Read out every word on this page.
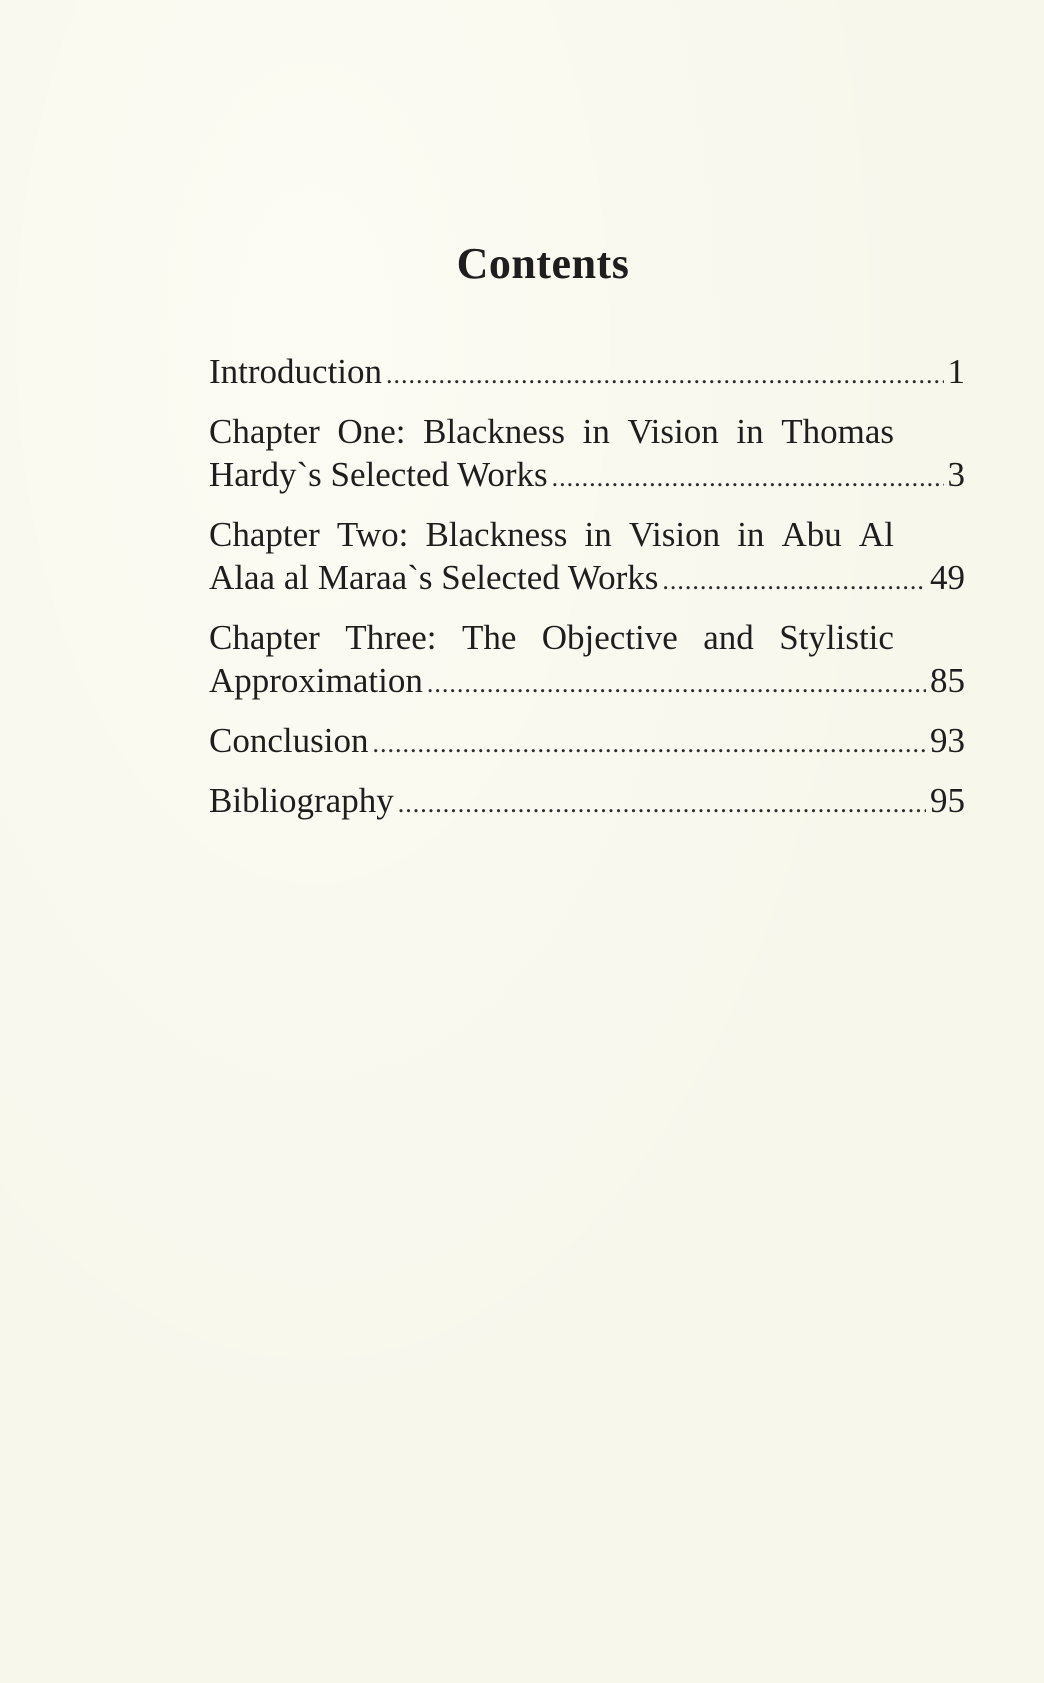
Contents
Introduction .....	1
Chapter One: Blackness in Vision in Thomas
Hardy`s Selected Works .....	3
Chapter Two: Blackness in Vision in Abu Al
Alaa al Maraa`s Selected Works .....	49
Chapter Three: The Objective and Stylistic
Approximation .....	85
Conclusion .....	93
Bibliography .....	95
